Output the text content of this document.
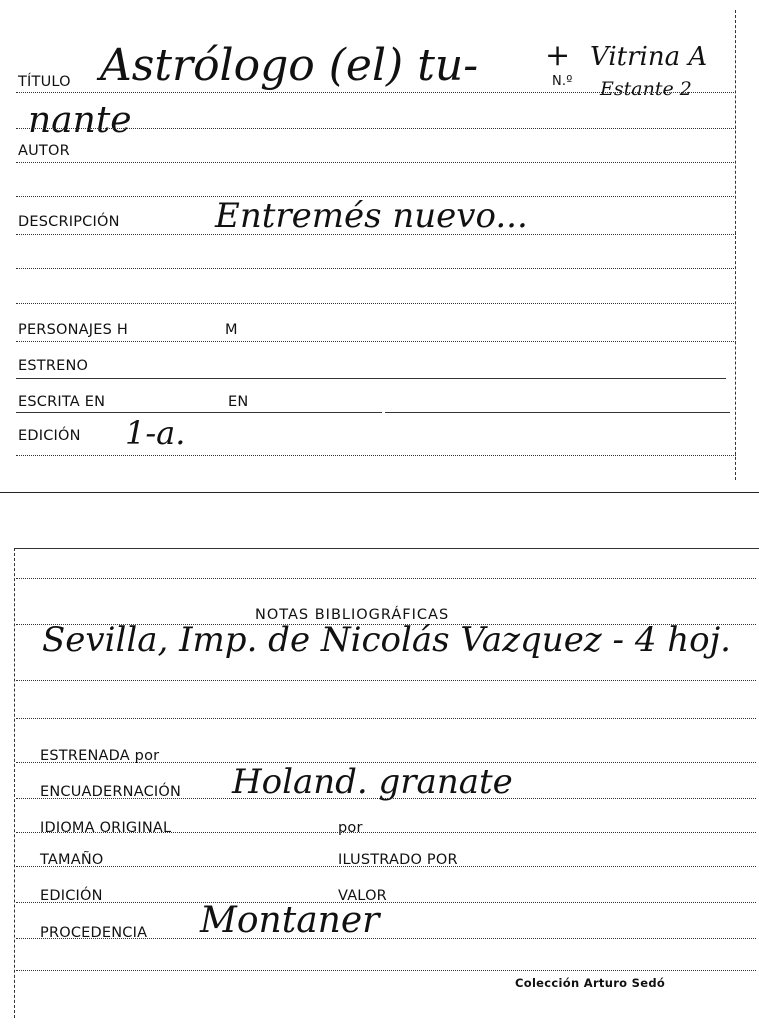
TÍTULO Astrólogo (el) tu- +
N.º
Vitrina A
Estante 2
nante
AUTOR
DESCRIPCIÓN	Entremés nuevo...
PERSONAJES H	M
ESTRENO
ESCRITA EN	EN
EDICIÓN 1-a.
NOTAS BIBLIOGRÁFICAS
Sevilla, Imp. de Nicolás Vazquez - 4 hoj.
ESTRENADA por
ENCUADERNACIÓN Holand. granate
IDIOMA ORIGINAL	por
TAMAÑO	ILUSTRADO POR
EDICIÓN	VALOR
PROCEDENCIA Montaner
Colección Arturo Sedó
